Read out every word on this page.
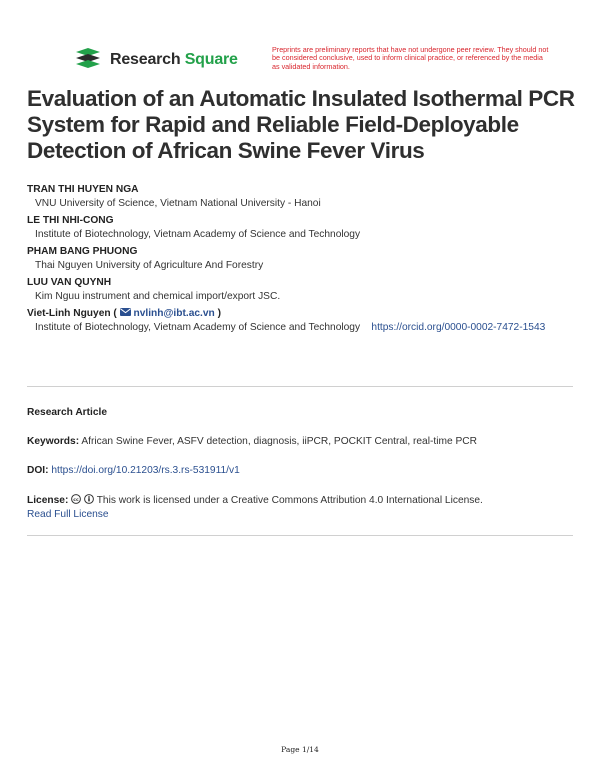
Research Square
Preprints are preliminary reports that have not undergone peer review. They should not be considered conclusive, used to inform clinical practice, or referenced by the media as validated information.
Evaluation of an Automatic Insulated Isothermal PCR System for Rapid and Reliable Field-Deployable Detection of African Swine Fever Virus
TRAN THI HUYEN NGA
VNU University of Science, Vietnam National University - Hanoi
LE THI NHI-CONG
Institute of Biotechnology, Vietnam Academy of Science and Technology
PHAM BANG PHUONG
Thai Nguyen University of Agriculture And Forestry
LUU VAN QUYNH
Kim Nguu instrument and chemical import/export JSC.
Viet-Linh Nguyen (  nvlinh@ibt.ac.vn )
Institute of Biotechnology, Vietnam Academy of Science and Technology https://orcid.org/0000-0002-7472-1543
Research Article
Keywords: African Swine Fever, ASFV detection, diagnosis, iiPCR, POCKIT Central, real-time PCR
DOI: https://doi.org/10.21203/rs.3.rs-531911/v1
License: cc This work is licensed under a Creative Commons Attribution 4.0 International License.
Read Full License
Page 1/14
